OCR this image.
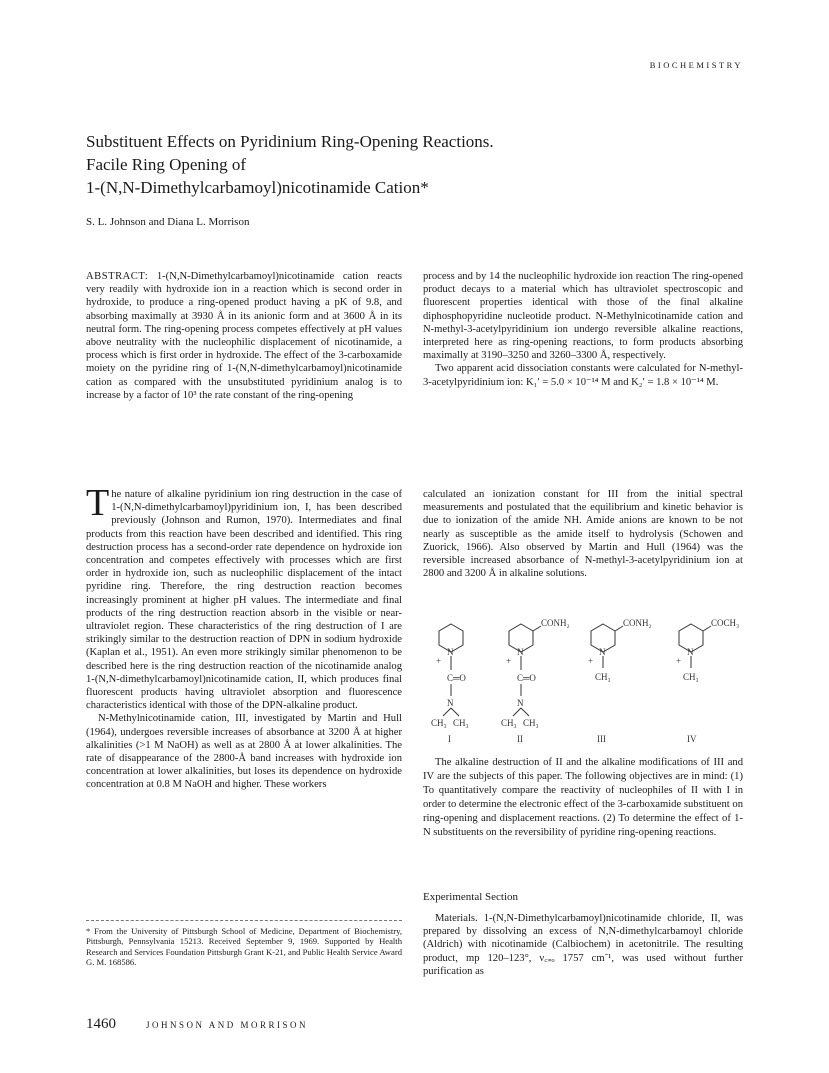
BIOCHEMISTRY
Substituent Effects on Pyridinium Ring-Opening Reactions.
Facile Ring Opening of
1-(N,N-Dimethylcarbamoyl)nicotinamide Cation*
S. L. Johnson and Diana L. Morrison

ABSTRACT: 1-(N,N-Dimethylcarbamoyl)nicotinamide cation reacts very readily with hydroxide ion in a reaction which is second order in hydroxide, to produce a ring-opened product having a pK of 9.8, and absorbing maximally at 3930 Å in its anionic form and at 3600 Å in its neutral form. The ring-opening process competes effectively at pH values above neutrality with the nucleophilic displacement of nicotinamide, a process which is first order in hydroxide. The effect of the 3-carboxamide moiety on the pyridine ring of 1-(N,N-dimethylcarbamoyl)nicotinamide cation as compared with the unsubstituted pyridinium analog is to increase by a factor of 10³ the rate constant of the ring-opening

process and by 14 the nucleophilic hydroxide ion reaction The ring-opened product decays to a material which has ultraviolet spectroscopic and fluorescent properties identical with those of the final alkaline diphosphopyridine nucleotide product. N-Methylnicotinamide cation and N-methyl-3-acetylpyridinium ion undergo reversible alkaline reactions, interpreted here as ring-opening reactions, to form products absorbing maximally at 3190–3250 and 3260–3300 Å, respectively.

Two apparent acid dissociation constants were calculated for N-methyl-3-acetylpyridinium ion: K₁′ = 5.0 × 10⁻¹⁴ M and K₂′ = 1.8 × 10⁻¹⁴ M.

The nature of alkaline pyridinium ion ring destruction in the case of 1-(N,N-dimethylcarbamoyl)pyridinium ion, I, has been described previously (Johnson and Rumon, 1970). Intermediates and final products from this reaction have been described and identified. This ring destruction process has a second-order rate dependence on hydroxide ion concentration and competes effectively with processes which are first order in hydroxide ion, such as nucleophilic displacement of the intact pyridine ring. Therefore, the ring destruction reaction becomes increasingly prominent at higher pH values. The intermediate and final products of the ring destruction reaction absorb in the visible or near-ultraviolet region. These characteristics of the ring destruction of I are strikingly similar to the destruction reaction of DPN in sodium hydroxide (Kaplan et al., 1951). An even more strikingly similar phenomenon to be described here is the ring destruction reaction of the nicotinamide analog 1-(N,N-dimethylcarbamoyl)nicotinamide cation, II, which produces final fluorescent products having ultraviolet absorption and fluorescence characteristics identical with those of the DPN-alkaline product.

N-Methylnicotinamide cation, III, investigated by Martin and Hull (1964), undergoes reversible increases of absorbance at 3200 Å at higher alkalinities (>1 M NaOH) as well as at 2800 Å at lower alkalinities. The rate of disappearance of the 2800-Å band increases with hydroxide ion concentration at lower alkalinities, but loses its dependence on hydroxide concentration at 0.8 M NaOH and higher. These workers

calculated an ionization constant for III from the initial spectral measurements and postulated that the equilibrium and kinetic behavior is due to ionization of the amide NH. Amide anions are known to be not nearly as susceptible as the amide itself to hydrolysis (Schowen and Zuorick, 1966). Also observed by Martin and Hull (1964) was the reversible increased absorbance of N-methyl-3-acetylpyridinium ion at 2800 and 3200 Å in alkaline solutions.

N
+
C═O
N
CH₃ CH₃
I
N
+
CONH₂
C═O
N
CH₃ CH₃
II
N
+
CONH₂
CH₃
III
N
+
COCH₃
CH₃
IV

The alkaline destruction of II and the alkaline modifications of III and IV are the subjects of this paper. The following objectives are in mind: (1) To quantitatively compare the reactivity of nucleophiles of II with I in order to determine the electronic effect of the 3-carboxamide substituent on ring-opening and displacement reactions. (2) To determine the effect of 1-N substituents on the reversibility of pyridine ring-opening reactions.

Experimental Section

Materials. 1-(N,N-Dimethylcarbamoyl)nicotinamide chloride, II, was prepared by dissolving an excess of N,N-dimethylcarbamoyl chloride (Aldrich) with nicotinamide (Calbiochem) in acetonitrile. The resulting product, mp 120–123°, ν꜀₌ₒ 1757 cm⁻¹, was used without further purification as

* From the University of Pittsburgh School of Medicine, Department of Biochemistry, Pittsburgh, Pennsylvania 15213. Received September 9, 1969. Supported by Health Research and Services Foundation Pittsburgh Grant K-21, and Public Health Service Award G. M. 168586.
1460	JOHNSON AND MORRISON
